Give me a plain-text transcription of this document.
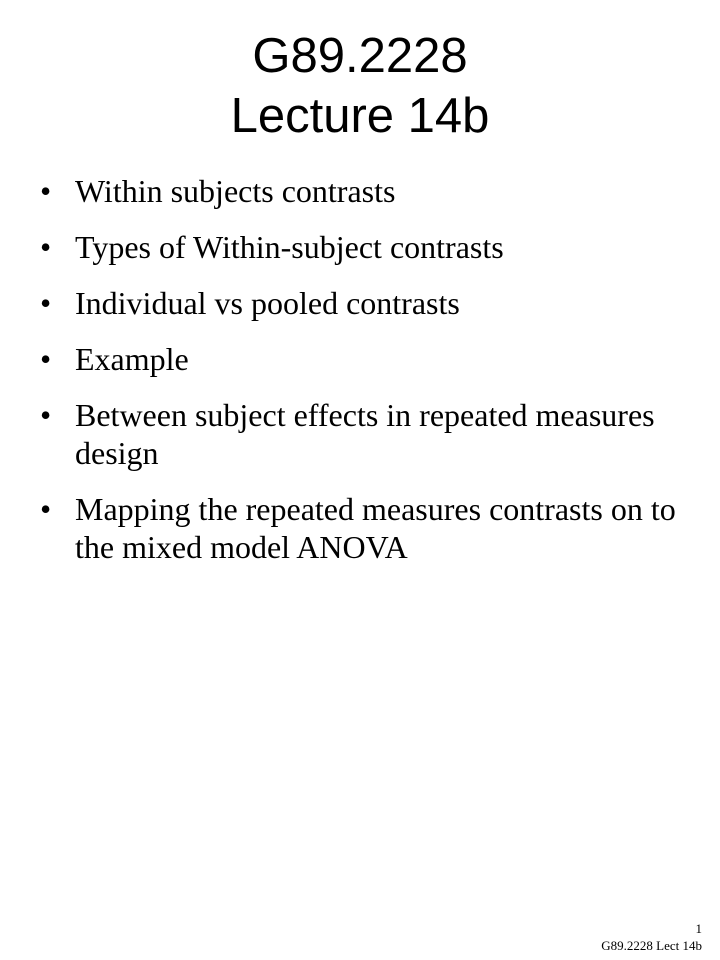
G89.2228
Lecture 14b
• Within subjects contrasts
• Types of Within-subject contrasts
• Individual vs pooled contrasts
• Example
• Between subject effects in repeated measures design
• Mapping the repeated measures contrasts on to the mixed model ANOVA
1
G89.2228 Lect 14b
